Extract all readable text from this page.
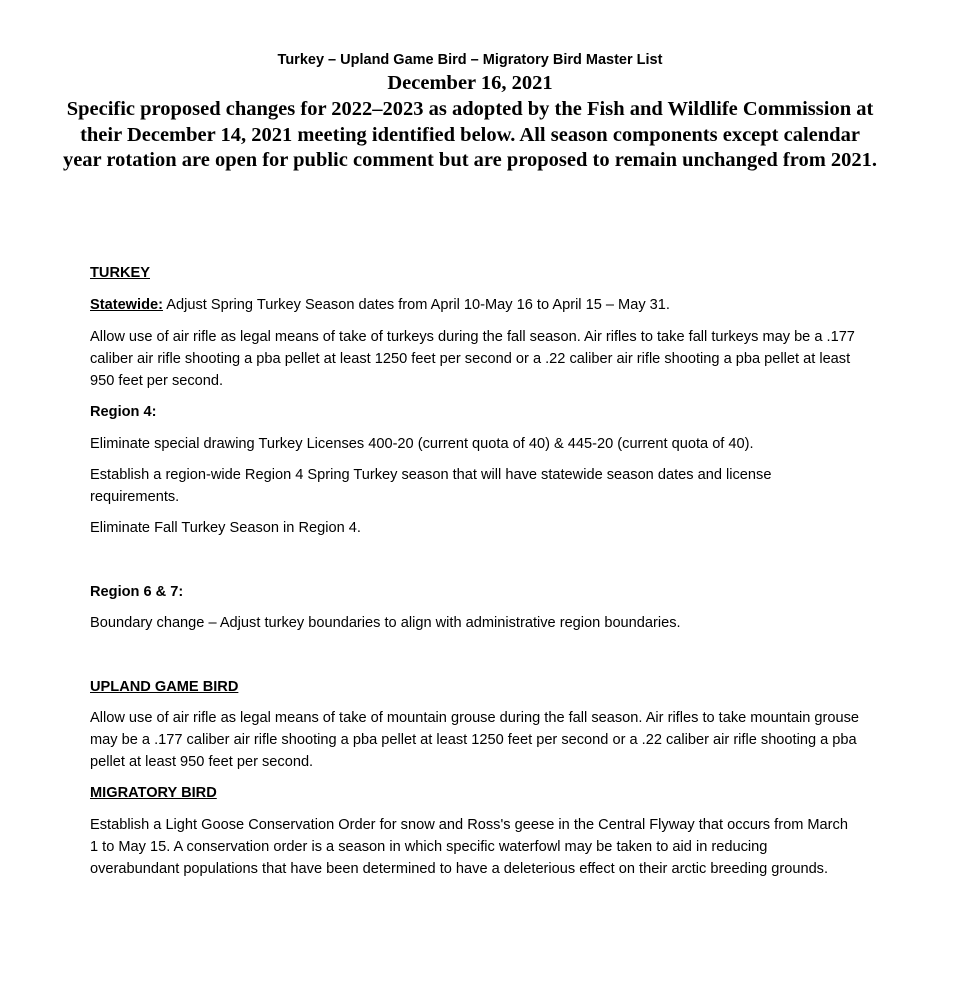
Turkey – Upland Game Bird – Migratory Bird Master List
December 16, 2021
Specific proposed changes for 2022–2023 as adopted by the Fish and Wildlife Commission at their December 14, 2021 meeting identified below. All season components except calendar year rotation are open for public comment but are proposed to remain unchanged from 2021.

TURKEY

Statewide: Adjust Spring Turkey Season dates from April 10-May 16 to April 15 – May 31.

Allow use of air rifle as legal means of take of turkeys during the fall season. Air rifles to take fall turkeys may be a .177 caliber air rifle shooting a pba pellet at least 1250 feet per second or a .22 caliber air rifle shooting a pba pellet at least 950 feet per second.

Region 4:

Eliminate special drawing Turkey Licenses 400-20 (current quota of 40) & 445-20 (current quota of 40).

Establish a region-wide Region 4 Spring Turkey season that will have statewide season dates and license requirements.

Eliminate Fall Turkey Season in Region 4.

Region 6 & 7:

Boundary change – Adjust turkey boundaries to align with administrative region boundaries.

UPLAND GAME BIRD

Allow use of air rifle as legal means of take of mountain grouse during the fall season. Air rifles to take mountain grouse may be a .177 caliber air rifle shooting a pba pellet at least 1250 feet per second or a .22 caliber air rifle shooting a pba pellet at least 950 feet per second.

MIGRATORY BIRD

Establish a Light Goose Conservation Order for snow and Ross's geese in the Central Flyway that occurs from March 1 to May 15. A conservation order is a season in which specific waterfowl may be taken to aid in reducing overabundant populations that have been determined to have a deleterious effect on their arctic breeding grounds.
